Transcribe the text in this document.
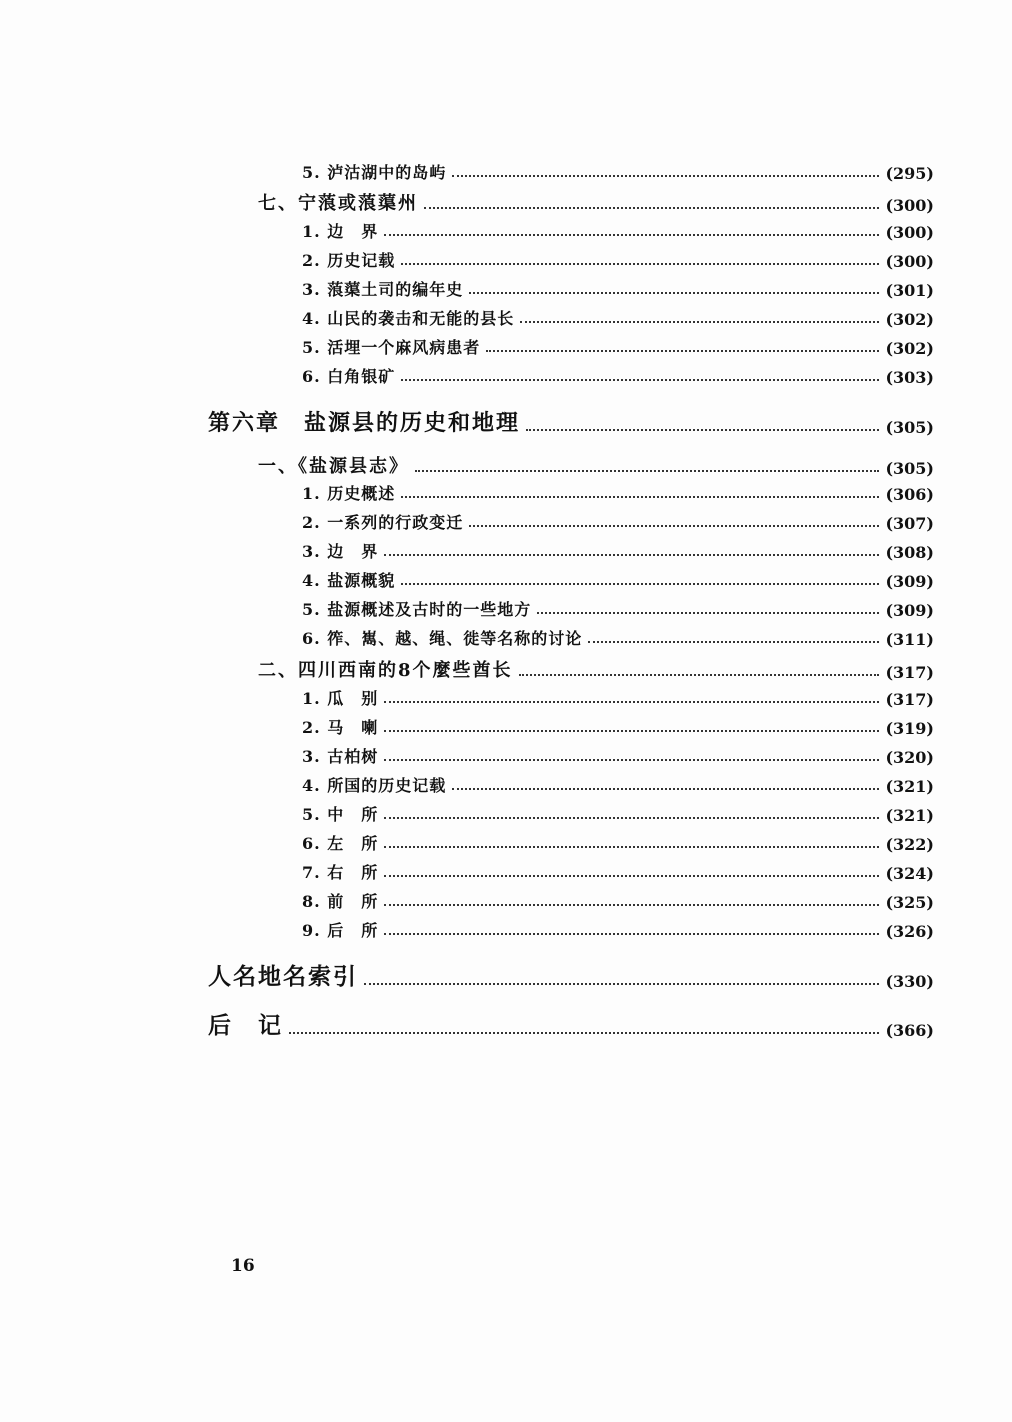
5. 泸沽湖中的岛屿	(295)
七、宁蒗或蒗蕖州	(300)
1. 边　界	(300)
2. 历史记载	(300)
3. 蒗蕖土司的编年史	(301)
4. 山民的袭击和无能的县长	(302)
5. 活埋一个麻风病患者	(302)
6. 白角银矿	(303)
第六章　盐源县的历史和地理	(305)
一、《盐源县志》	(305)
1. 历史概述	(306)
2. 一系列的行政变迁	(307)
3. 边　界	(308)
4. 盐源概貌	(309)
5. 盐源概述及古时的一些地方	(309)
6. 筰、嶲、越、绳、徙等名称的讨论	(311)
二、四川西南的8个麼些酋长	(317)
1. 瓜　别	(317)
2. 马　喇	(319)
3. 古柏树	(320)
4. 所国的历史记载	(321)
5. 中　所	(321)
6. 左　所	(322)
7. 右　所	(324)
8. 前　所	(325)
9. 后　所	(326)
人名地名索引	(330)
后　记	(366)
16
